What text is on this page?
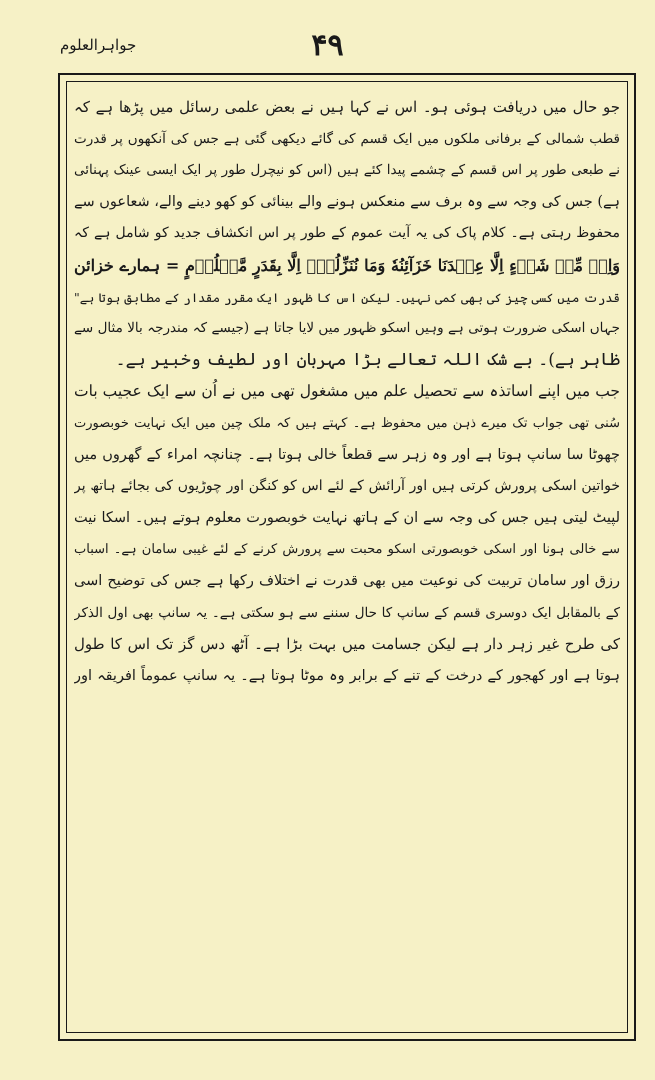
۴۹
جواہرالعلوم
جو حال میں دریافت ہوئی ہو۔ اس نے کہا ہیں نے بعض علمی رسائل میں پڑھا ہے کہ
قطب شمالی کے برفانی ملکوں میں ایک قسم کی گائے دیکھی گئی ہے جس کی آنکھوں پر قدرت
نے طبعی طور پر اس قسم کے چشمے پیدا کئے ہیں (اس کو نیچرل طور پر ایک ایسی عینک پہنائی
ہے) جس کی وجہ سے وہ برف سے منعکس ہونے والے بینائی کو کھو دینے والے، شعاعوں سے
محفوظ رہتی ہے۔ کلام پاک کی یہ آیت عموم کے طور پر اس انکشاف جدید کو شامل ہے کہ
وَاِنۡ مِّنۡ شَیۡءٍ اِلَّا عِنۡدَنَا خَزَآئِنُهٗ وَمَا نُنَزِّلُهٗۤ اِلَّا بِقَدَرٍ مَّعۡلُوۡمٍ = ہمارے خزائن
قدرت میں کسی چیز کی بھی کمی نہیں۔ لیکن اس کا ظہور ایک مقرر مقدار کے مطابق ہوتا ہے"
جہاں اسکی ضرورت ہوتی ہے وہیں اسکو ظہور میں لایا جاتا ہے (جیسے کہ مندرجہ بالا مثال سے
ظاہر ہے)۔ بے شک اللہ تعالے بڑا مہربان اور لطیف وخبیر ہے۔
جب میں اپنے اساتذہ سے تحصیل علم میں مشغول تھی میں نے اُن سے ایک عجیب بات
سُنی تھی جواب تک میرے ذہن میں محفوظ ہے۔ کہتے ہیں کہ ملک چین میں ایک نہایت خوبصورت
چھوٹا سا سانپ ہوتا ہے اور وہ زہر سے قطعاً خالی ہوتا ہے۔ چنانچہ امراء کے گھروں میں
خواتین اسکی پرورش کرتی ہیں اور آرائش کے لئے اس کو کنگن اور چوڑیوں کی بجائے ہاتھ پر
لپیٹ لیتی ہیں جس کی وجہ سے ان کے ہاتھ نہایت خوبصورت معلوم ہوتے ہیں۔ اسکا نیت
سے خالی ہونا اور اسکی خوبصورتی اسکو محبت سے پرورش کرنے کے لئے غیبی سامان ہے۔ اسباب
رزق اور سامان تربیت کی نوعیت میں بھی قدرت نے اختلاف رکھا ہے جس کی توضیح اسی
کے بالمقابل ایک دوسری قسم کے سانپ کا حال سننے سے ہو سکتی ہے۔ یہ سانپ بھی اول الذکر
کی طرح غیر زہر دار ہے لیکن جسامت میں بہت بڑا ہے۔ آٹھ دس گز تک اس کا طول
ہوتا ہے اور کھجور کے درخت کے تنے کے برابر وہ موٹا ہوتا ہے۔ یہ سانپ عموماً افریقہ اور
